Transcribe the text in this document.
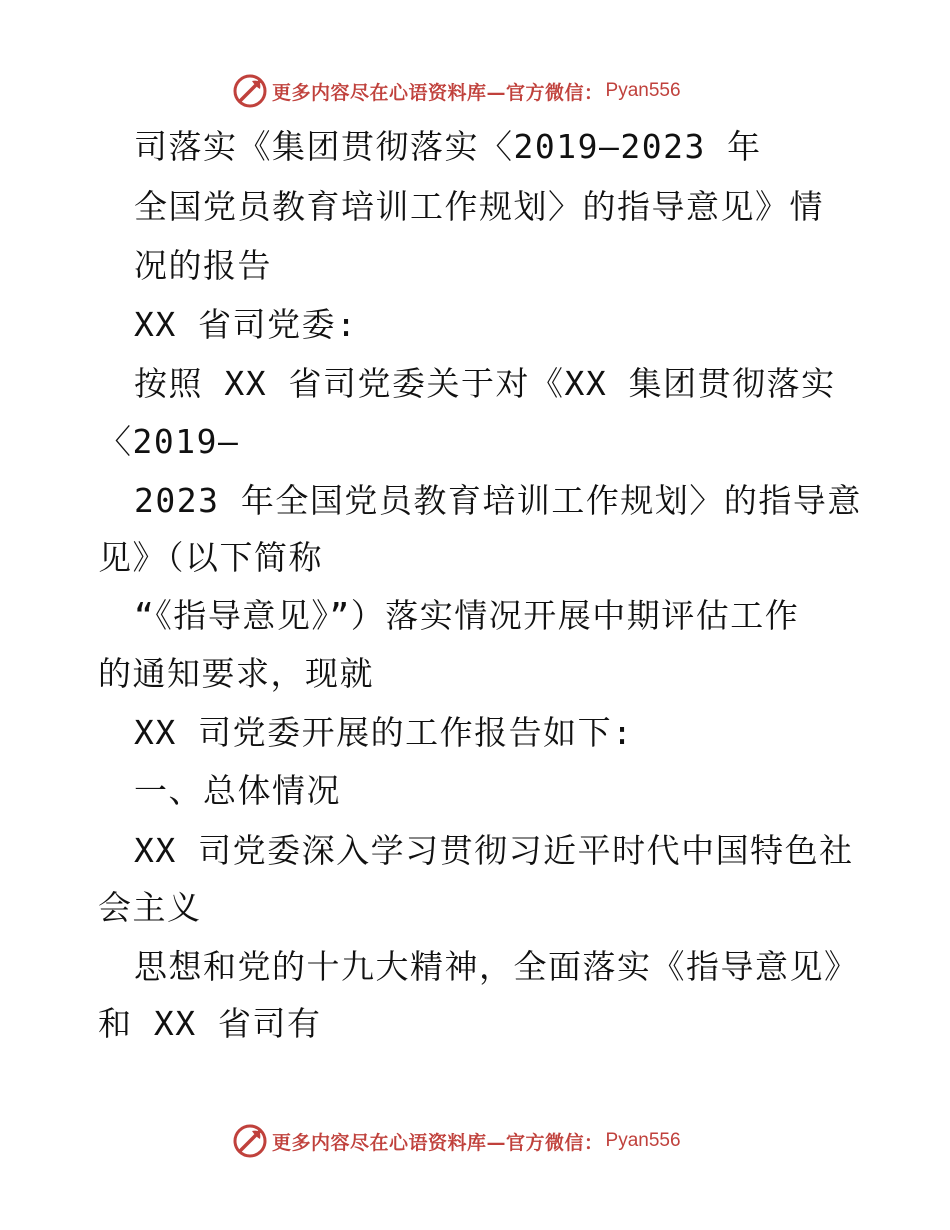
更多内容尽在心语资料库—官方微信： Pyan556
司落实《集团贯彻落实〈2019—2023 年
全国党员教育培训工作规划〉的指导意见》情
况的报告
XX 省司党委:
按照 XX 省司党委关于对《XX 集团贯彻落实
〈2019—
2023 年全国党员教育培训工作规划〉的指导意
见》（以下简称
“《指导意见》”）落实情况开展中期评估工作
的通知要求，现就
XX 司党委开展的工作报告如下:
一、总体情况
XX 司党委深入学习贯彻习近平时代中国特色社
会主义
思想和党的十九大精神，全面落实《指导意见》
和 XX 省司有
更多内容尽在心语资料库—官方微信： Pyan556
